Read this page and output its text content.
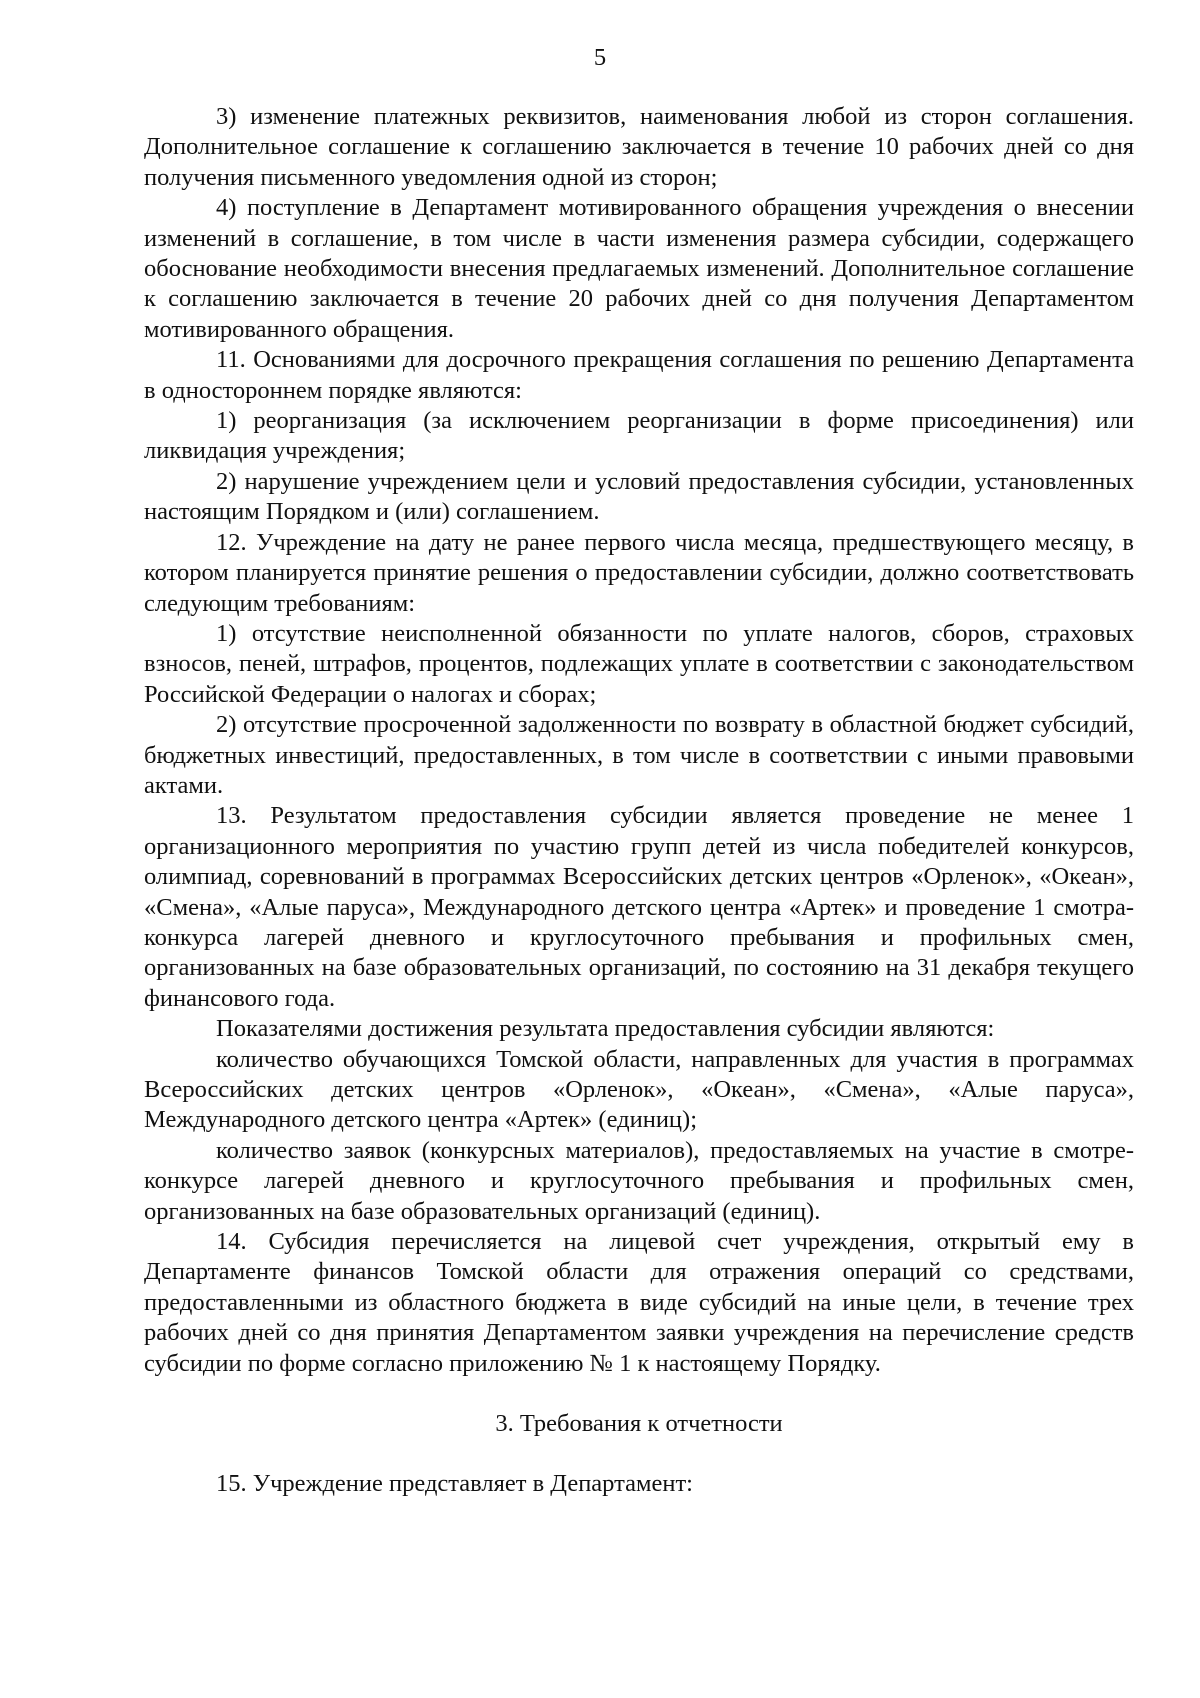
5

3) изменение платежных реквизитов, наименования любой из сторон соглашения. Дополнительное соглашение к соглашению заключается в течение 10 рабочих дней со дня получения письменного уведомления одной из сторон;

4) поступление в Департамент мотивированного обращения учреждения о внесении изменений в соглашение, в том числе в части изменения размера субсидии, содержащего обоснование необходимости внесения предлагаемых изменений. Дополнительное соглашение к соглашению заключается в течение 20 рабочих дней со дня получения Департаментом мотивированного обращения.

11. Основаниями для досрочного прекращения соглашения по решению Департамента в одностороннем порядке являются:

1) реорганизация (за исключением реорганизации в форме присоединения) или ликвидация учреждения;

2) нарушение учреждением цели и условий предоставления субсидии, установленных настоящим Порядком и (или) соглашением.

12. Учреждение на дату не ранее первого числа месяца, предшествующего месяцу, в котором планируется принятие решения о предоставлении субсидии, должно соответствовать следующим требованиям:

1) отсутствие неисполненной обязанности по уплате налогов, сборов, страховых взносов, пеней, штрафов, процентов, подлежащих уплате в соответствии с законодательством Российской Федерации о налогах и сборах;

2) отсутствие просроченной задолженности по возврату в областной бюджет субсидий, бюджетных инвестиций, предоставленных, в том числе в соответствии с иными правовыми актами.

13. Результатом предоставления субсидии является проведение не менее 1 организационного мероприятия по участию групп детей из числа победителей конкурсов, олимпиад, соревнований в программах Всероссийских детских центров «Орленок», «Океан», «Смена», «Алые паруса», Международного детского центра «Артек» и проведение 1 смотра-конкурса лагерей дневного и круглосуточного пребывания и профильных смен, организованных на базе образовательных организаций, по состоянию на 31 декабря текущего финансового года.

Показателями достижения результата предоставления субсидии являются:

количество обучающихся Томской области, направленных для участия в программах Всероссийских детских центров «Орленок», «Океан», «Смена», «Алые паруса», Международного детского центра «Артек» (единиц);

количество заявок (конкурсных материалов), предоставляемых на участие в смотре-конкурсе лагерей дневного и круглосуточного пребывания и профильных смен, организованных на базе образовательных организаций (единиц).

14. Субсидия перечисляется на лицевой счет учреждения, открытый ему в Департаменте финансов Томской области для отражения операций со средствами, предоставленными из областного бюджета в виде субсидий на иные цели, в течение трех рабочих дней со дня принятия Департаментом заявки учреждения на перечисление средств субсидии по форме согласно приложению № 1 к настоящему Порядку.

3. Требования к отчетности

15. Учреждение представляет в Департамент:
